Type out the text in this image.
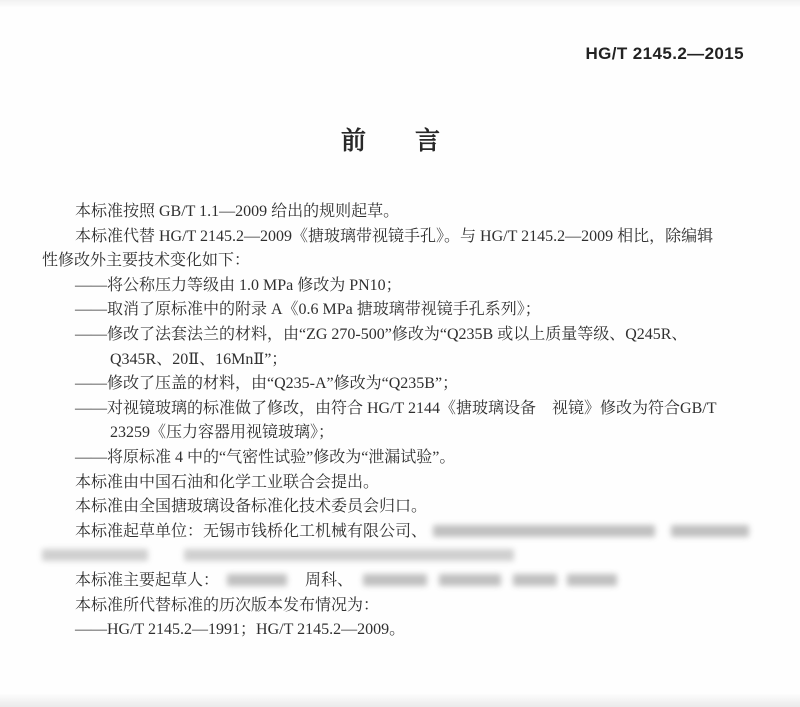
HG/T 2145.2—2015
前 言
本标准按照 GB/T 1.1—2009 给出的规则起草。
本标准代替 HG/T 2145.2—2009《搪玻璃带视镜手孔》。与 HG/T 2145.2—2009 相比，除编辑
性修改外主要技术变化如下：
——将公称压力等级由 1.0 MPa 修改为 PN10；
——取消了原标准中的附录 A《0.6 MPa 搪玻璃带视镜手孔系列》；
——修改了法套法兰的材料，由“ZG 270-500”修改为“Q235B 或以上质量等级、Q245R、
Q345R、20Ⅱ、16MnⅡ”；
——修改了压盖的材料，由“Q235-A”修改为“Q235B”；
——对视镜玻璃的标准做了修改，由符合 HG/T 2144《搪玻璃设备　视镜》修改为符合GB/T
23259《压力容器用视镜玻璃》；
——将原标准 4 中的“气密性试验”修改为“泄漏试验”。
本标准由中国石油和化学工业联合会提出。
本标准由全国搪玻璃设备标准化技术委员会归口。
本标准起草单位：无锡市钱桥化工机械有限公司、
本标准主要起草人：	周科、
本标准所代替标准的历次版本发布情况为：
——HG/T 2145.2—1991；HG/T 2145.2—2009。
